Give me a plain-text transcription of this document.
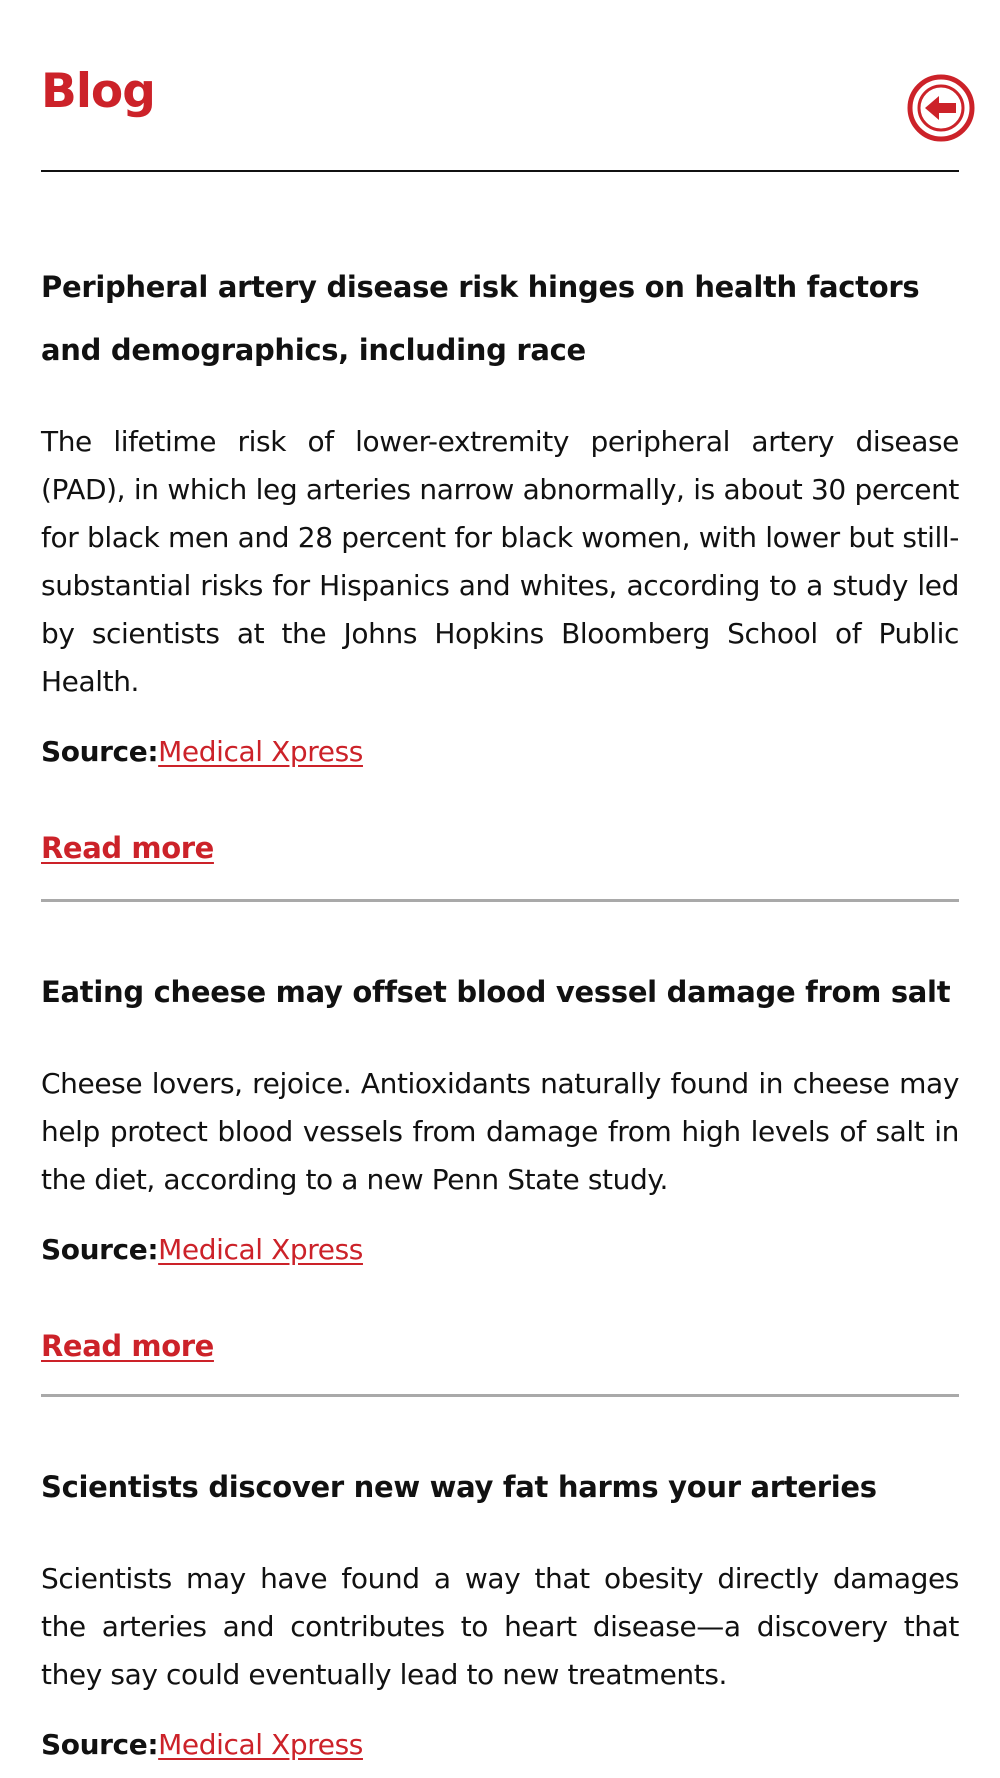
Blog
Peripheral artery disease risk hinges on health factors and demographics, including race

The lifetime risk of lower-extremity peripheral artery disease (PAD), in which leg arteries narrow abnormally, is about 30 percent for black men and 28 percent for black women, with lower but still-substantial risks for Hispanics and whites, according to a study led by scientists at the Johns Hopkins Bloomberg School of Public Health.

Source:Medical Xpress

Read more
Eating cheese may offset blood vessel damage from salt

Cheese lovers, rejoice. Antioxidants naturally found in cheese may help protect blood vessels from damage from high levels of salt in the diet, according to a new Penn State study.

Source:Medical Xpress

Read more
Scientists discover new way fat harms your arteries

Scientists may have found a way that obesity directly damages the arteries and contributes to heart disease—a discovery that they say could eventually lead to new treatments.

Source:Medical Xpress
